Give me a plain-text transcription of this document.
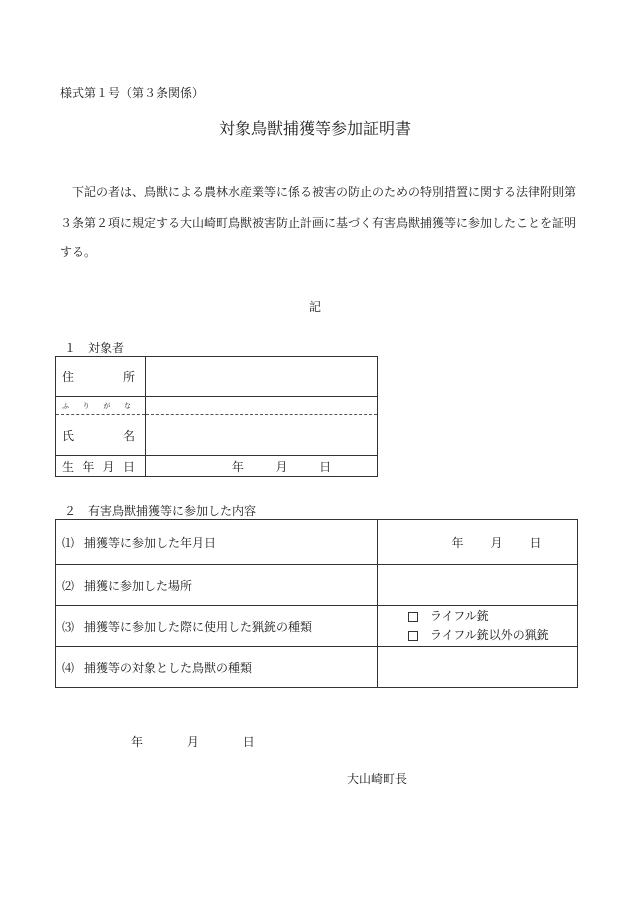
様式第１号（第３条関係）
対象鳥獣捕獲等参加証明書
下記の者は、鳥獣による農林水産業等に係る被害の防止のための特別措置に関する法律附則第
３条第２項に規定する大山崎町鳥獣被害防止計画に基づく有害鳥獣捕獲等に参加したことを証明
する。
記
１　対象者
住 所	

ふ り が な	

氏 名	

生 年 月 日	年 月 日
２　有害鳥獣捕獲等に参加した内容
⑴ 捕獲等に参加した年月日	年 月 日

⑵ 捕獲に参加した場所	
⑶ 捕獲等に参加した際に使用した猟銃の種類	ライフル銃
ライフル銃以外の猟銃

⑷ 捕獲等の対象とした鳥獣の種類	
年	月	日
大山崎町長
